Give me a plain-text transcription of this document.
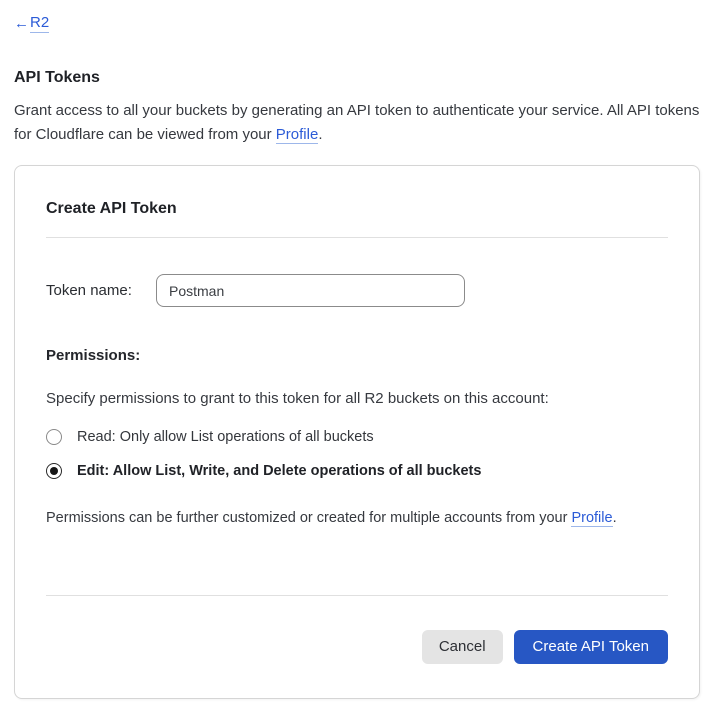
← R2
API Tokens

Grant access to all your buckets by generating an API token to authenticate your service. All API tokens for Cloudflare can be viewed from your Profile.

Create API Token
Token name:
Postman
Permissions:
Specify permissions to grant to this token for all R2 buckets on this account:
Read: Only allow List operations of all buckets
Edit: Allow List, Write, and Delete operations of all buckets

Permissions can be further customized or created for multiple accounts from your Profile.

Cancel	Create API Token
